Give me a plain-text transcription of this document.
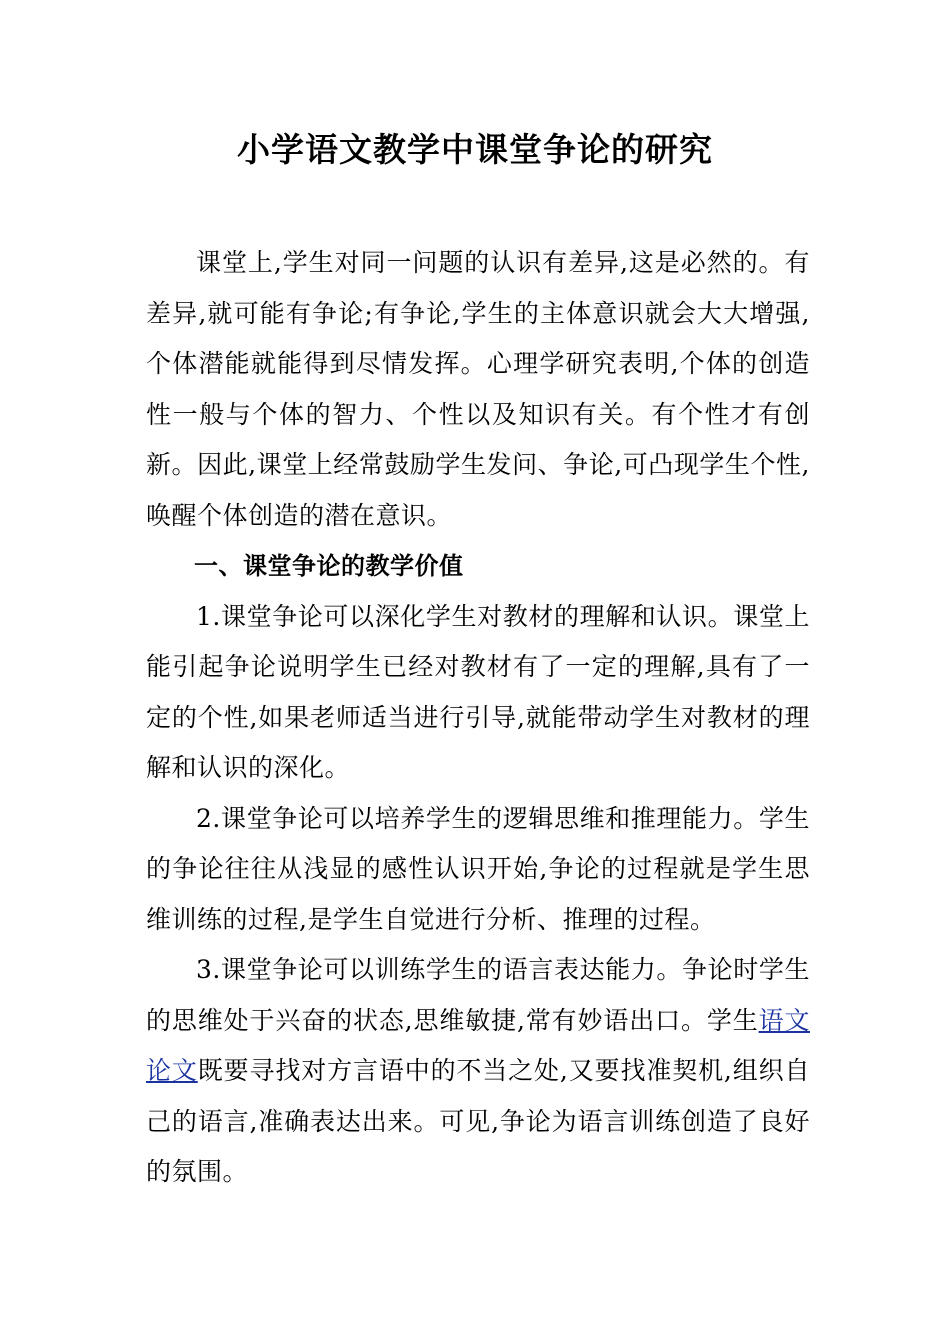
小学语文教学中课堂争论的研究

课堂上,学生对同一问题的认识有差异,这是必然的。有差异,就可能有争论;有争论,学生的主体意识就会大大增强,个体潜能就能得到尽情发挥。心理学研究表明,个体的创造性一般与个体的智力、个性以及知识有关。有个性才有创新。因此,课堂上经常鼓励学生发问、争论,可凸现学生个性,唤醒个体创造的潜在意识。

一、课堂争论的教学价值

1.课堂争论可以深化学生对教材的理解和认识。课堂上能引起争论说明学生已经对教材有了一定的理解,具有了一定的个性,如果老师适当进行引导,就能带动学生对教材的理解和认识的深化。

2.课堂争论可以培养学生的逻辑思维和推理能力。学生的争论往往从浅显的感性认识开始,争论的过程就是学生思维训练的过程,是学生自觉进行分析、推理的过程。

3.课堂争论可以训练学生的语言表达能力。争论时学生的思维处于兴奋的状态,思维敏捷,常有妙语出口。学生语文论文既要寻找对方言语中的不当之处,又要找准契机,组织自己的语言,准确表达出来。可见,争论为语言训练创造了良好的氛围。
